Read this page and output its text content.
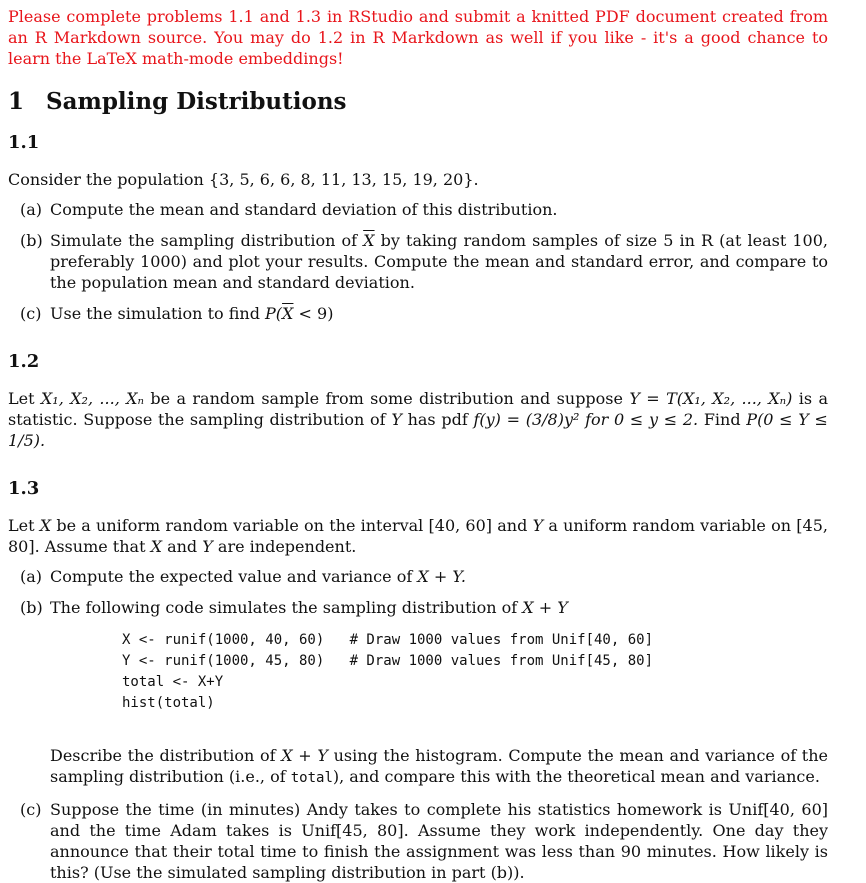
Please complete problems 1.1 and 1.3 in RStudio and submit a knitted PDF document created from an R Markdown source. You may do 1.2 in R Markdown as well if you like - it's a good chance to learn the LaTeX math-mode embeddings!

1 Sampling Distributions
1.1

Consider the population {3, 5, 6, 6, 8, 11, 13, 15, 19, 20}.

(a) Compute the mean and standard deviation of this distribution.
(b) Simulate the sampling distribution of $\overline{X}$ by taking random samples of size 5 in R (at least 100, preferably 1000) and plot your results. Compute the mean and standard error, and compare to the population mean and standard deviation.
(c) Use the simulation to find $P(\overline{X} < 9)$
1.2

Let X₁, X₂, ..., Xₙ be a random sample from some distribution and suppose Y = T(X₁, X₂, ..., Xₙ) is a statistic. Suppose the sampling distribution of Y has pdf f(y) = (3/8)y² for 0 ≤ y ≤ 2. Find P(0 ≤ Y ≤ 1/5).

1.3

Let X be a uniform random variable on the interval [40, 60] and Y a uniform random variable on [45, 80]. Assume that X and Y are independent.

(a) Compute the expected value and variance of X + Y.
(b) The following code simulates the sampling distribution of X + Y
X <- runif(1000, 40, 60)   # Draw 1000 values from Unif[40, 60]
Y <- runif(1000, 45, 80)   # Draw 1000 values from Unif[45, 80]
total <- X+Y
hist(total)
Describe the distribution of X + Y using the histogram. Compute the mean and variance of the sampling distribution (i.e., of total), and compare this with the theoretical mean and variance.
(c) Suppose the time (in minutes) Andy takes to complete his statistics homework is Unif[40, 60] and the time Adam takes is Unif[45, 80]. Assume they work independently. One day they announce that their total time to finish the assignment was less than 90 minutes. How likely is this? (Use the simulated sampling distribution in part (b)).
